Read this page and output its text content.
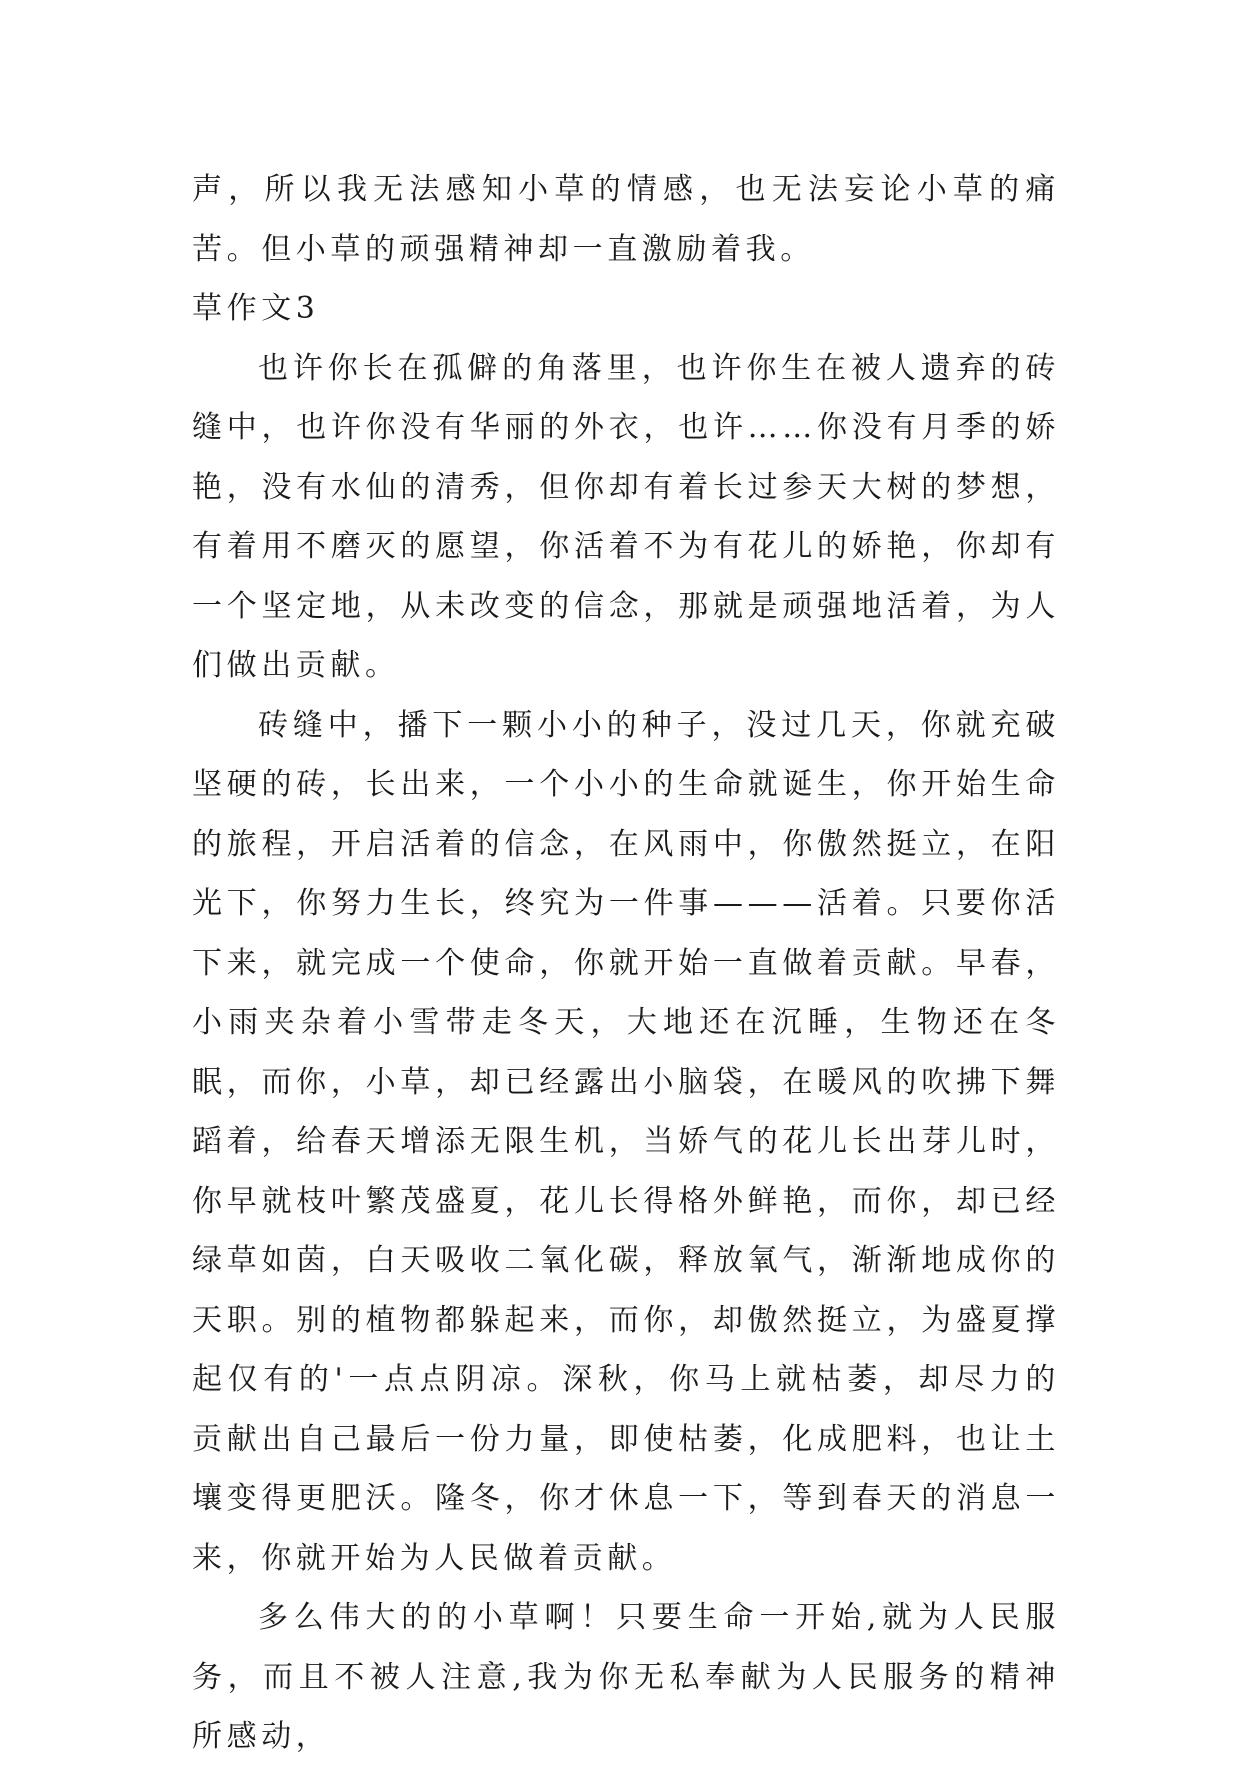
声，所以我无法感知小草的情感，也无法妄论小草的痛苦。但小草的顽强精神却一直激励着我。

草作文3

也许你长在孤僻的角落里，也许你生在被人遗弃的砖缝中，也许你没有华丽的外衣，也许……你没有月季的娇艳，没有水仙的清秀，但你却有着长过参天大树的梦想，有着用不磨灭的愿望，你活着不为有花儿的娇艳，你却有一个坚定地，从未改变的信念，那就是顽强地活着，为人们做出贡献。

砖缝中，播下一颗小小的种子，没过几天，你就充破坚硬的砖，长出来，一个小小的生命就诞生，你开始生命的旅程，开启活着的信念，在风雨中，你傲然挺立，在阳光下，你努力生长，终究为一件事———活着。只要你活下来，就完成一个使命，你就开始一直做着贡献。早春，小雨夹杂着小雪带走冬天，大地还在沉睡，生物还在冬眠，而你，小草，却已经露出小脑袋，在暖风的吹拂下舞蹈着，给春天增添无限生机，当娇气的花儿长出芽儿时，你早就枝叶繁茂盛夏，花儿长得格外鲜艳，而你，却已经绿草如茵，白天吸收二氧化碳，释放氧气，渐渐地成你的天职。别的植物都躲起来，而你，却傲然挺立，为盛夏撑起仅有的'一点点阴凉。深秋，你马上就枯萎，却尽力的贡献出自己最后一份力量，即使枯萎，化成肥料，也让土壤变得更肥沃。隆冬，你才休息一下，等到春天的消息一来，你就开始为人民做着贡献。

多么伟大的的小草啊！只要生命一开始,就为人民服务，而且不被人注意,我为你无私奉献为人民服务的精神所感动，
